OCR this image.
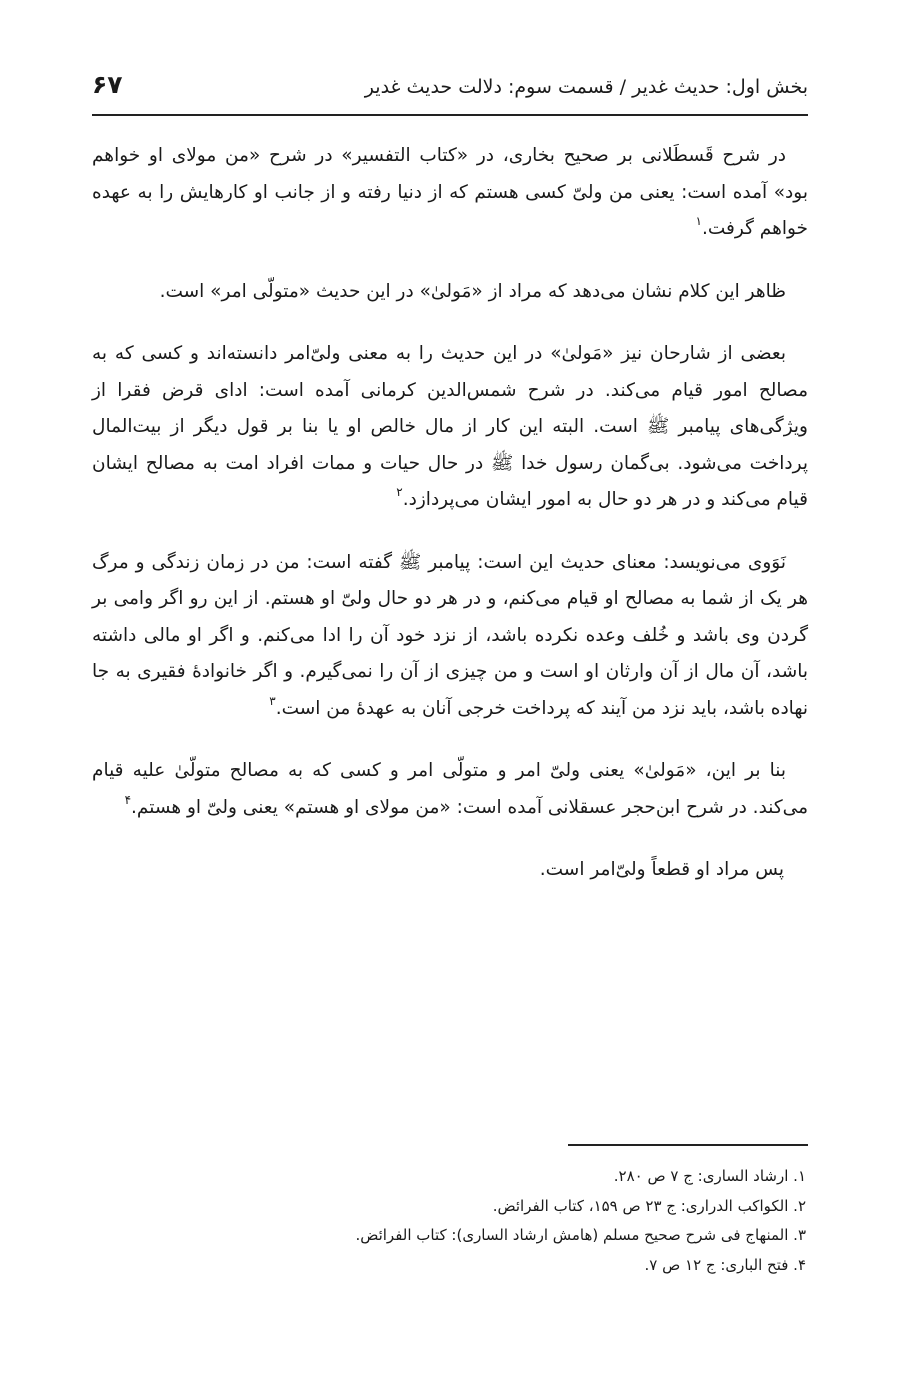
بخش اول: حدیث غدیر / قسمت سوم: دلالت حدیث غدیر
۶۷

در شرح قَسطَلانی بر صحیح بخاری، در «کتاب التفسیر» در شرح «من مولای او خواهم بود» آمده است: یعنی من ولیّ کسی هستم که از دنیا رفته و از جانب او کارهایش را به عهده خواهم گرفت.$^۱$

ظاهر این کلام نشان می‌دهد که مراد از «مَولیٰ» در این حدیث «متولّی امر» است.

بعضی از شارحان نیز «مَولیٰ» در این حدیث را به معنی ولیّ‌امر دانسته‌اند و کسی که به مصالح امور قیام می‌کند. در شرح شمس‌الدین کرمانی آمده است: ادای قرض فقرا از ویژگی‌های پیامبر ﷺ است. البته این کار از مال خالص او یا بنا بر قول دیگر از بیت‌المال پرداخت می‌شود. بی‌گمان رسول خدا ﷺ در حال حیات و ممات افراد امت به مصالح ایشان قیام می‌کند و در هر دو حال به امور ایشان می‌پردازد.$^۲$

نَوَوی می‌نویسد: معنای حدیث این است: پیامبر ﷺ گفته است: من در زمان زندگی و مرگ هر یک از شما به مصالح او قیام می‌کنم، و در هر دو حال ولیّ او هستم. از این رو اگر وامی بر گردن وی باشد و خُلف وعده نکرده باشد، از نزد خود آن را ادا می‌کنم. و اگر او مالی داشته باشد، آن مال از آن وارثان او است و من چیزی از آن را نمی‌گیرم. و اگر خانوادهٔ فقیری به جا نهاده باشد، باید نزد من آیند که پرداخت خرجی آنان به عهدهٔ من است.$^۳$

بنا بر این، «مَولیٰ» یعنی ولیّ امر و متولّی امر و کسی که به مصالح متولّیٰ علیه قیام می‌کند. در شرح ابن‌حجر عسقلانی آمده است: «من مولای او هستم» یعنی ولیّ او هستم.$^۴$

پس مراد او قطعاً ولیّ‌امر است.

۱. ارشاد الساری: ج ۷ ص ۲۸۰.
۲. الکواکب الدراری: ج ۲۳ ص ۱۵۹، کتاب الفرائض.
۳. المنهاج فی شرح صحیح مسلم (هامش ارشاد الساری): کتاب الفرائض.
۴. فتح الباری: ج ۱۲ ص ۷.
